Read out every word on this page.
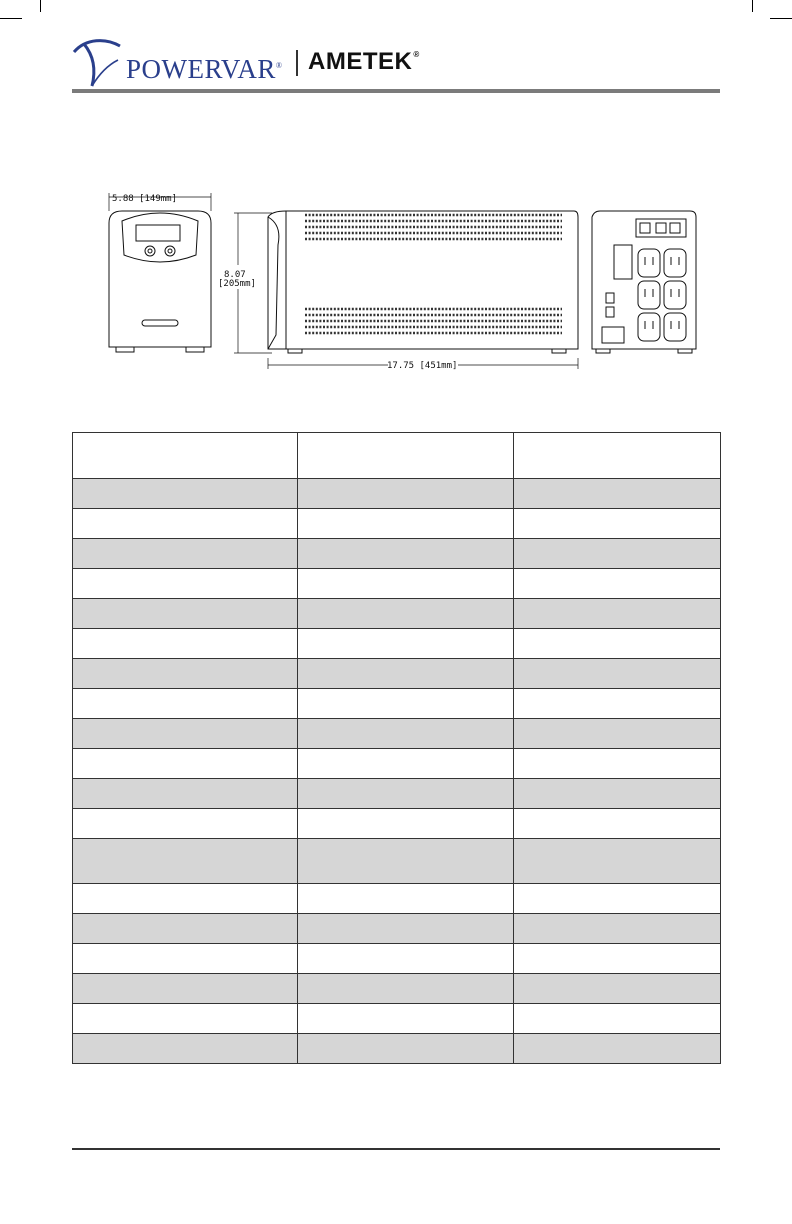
POWERVAR® AMETEK ®
5.88 [149mm]
8.07
[205mm]
17.75 [451mm]
